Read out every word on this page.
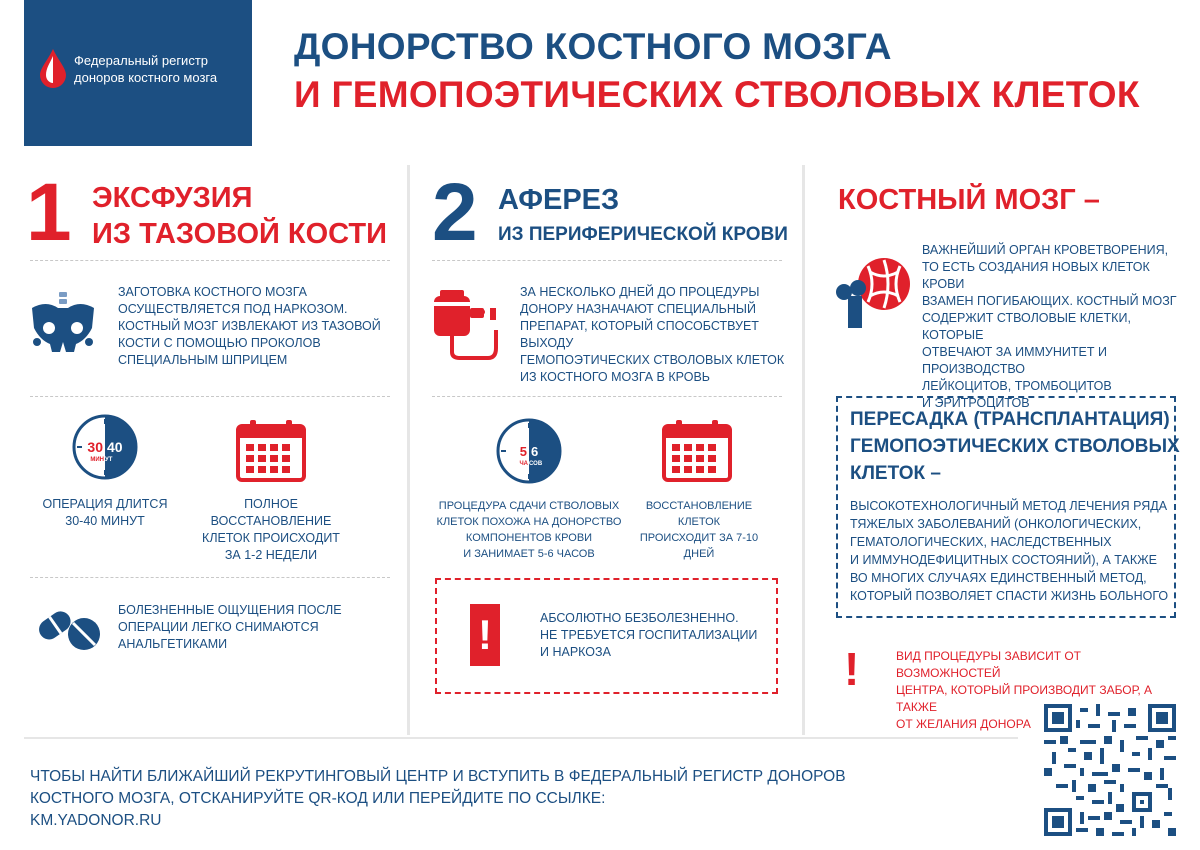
Федеральный регистр
доноров костного мозга
ДОНОРСТВО КОСТНОГО МОЗГА
И ГЕМОПОЭТИЧЕСКИХ СТВОЛОВЫХ КЛЕТОК
1 ЭКСФУЗИЯ
ИЗ ТАЗОВОЙ КОСТИ
ЗАГОТОВКА КОСТНОГО МОЗГА
ОСУЩЕСТВЛЯЕТСЯ ПОД НАРКОЗОМ.
КОСТНЫЙ МОЗГ ИЗВЛЕКАЮТ ИЗ ТАЗОВОЙ
КОСТИ С ПОМОЩЬЮ ПРОКОЛОВ
СПЕЦИАЛЬНЫМ ШПРИЦЕМ
30 40
МИН УТ
ОПЕРАЦИЯ ДЛИТСЯ
30-40 МИНУТ
ПОЛНОЕ ВОССТАНОВЛЕНИЕ
КЛЕТОК ПРОИСХОДИТ
ЗА 1-2 НЕДЕЛИ
БОЛЕЗНЕННЫЕ ОЩУЩЕНИЯ ПОСЛЕ
ОПЕРАЦИИ ЛЕГКО СНИМАЮТСЯ
АНАЛЬГЕТИКАМИ
2 АФЕРЕЗ
ИЗ ПЕРИФЕРИЧЕСКОЙ КРОВИ
ЗА НЕСКОЛЬКО ДНЕЙ ДО ПРОЦЕДУРЫ
ДОНОРУ НАЗНАЧАЮТ СПЕЦИАЛЬНЫЙ
ПРЕПАРАТ, КОТОРЫЙ СПОСОБСТВУЕТ ВЫХОДУ
ГЕМОПОЭТИЧЕСКИХ СТВОЛОВЫХ КЛЕТОК
ИЗ КОСТНОГО МОЗГА В КРОВЬ
5 6
ЧА СОВ
ПРОЦЕДУРА СДАЧИ СТВОЛОВЫХ
КЛЕТОК ПОХОЖА НА ДОНОРСТВО
КОМПОНЕНТОВ КРОВИ
И ЗАНИМАЕТ 5-6 ЧАСОВ
ВОССТАНОВЛЕНИЕ КЛЕТОК
ПРОИСХОДИТ ЗА 7-10 ДНЕЙ
!	АБСОЛЮТНО БЕЗБОЛЕЗНЕННО.
НЕ ТРЕБУЕТСЯ ГОСПИТАЛИЗАЦИИ
И НАРКОЗА
КОСТНЫЙ МОЗГ –
ВАЖНЕЙШИЙ ОРГАН КРОВЕТВОРЕНИЯ,
ТО ЕСТЬ СОЗДАНИЯ НОВЫХ КЛЕТОК КРОВИ
ВЗАМЕН ПОГИБАЮЩИХ. КОСТНЫЙ МОЗГ
СОДЕРЖИТ СТВОЛОВЫЕ КЛЕТКИ, КОТОРЫЕ
ОТВЕЧАЮТ ЗА ИММУНИТЕТ И ПРОИЗВОДСТВО
ЛЕЙКОЦИТОВ, ТРОМБОЦИТОВ
И ЭРИТРОЦИТОВ
ПЕРЕСАДКА (ТРАНСПЛАНТАЦИЯ)
ГЕМОПОЭТИЧЕСКИХ СТВОЛОВЫХ
КЛЕТОК –
ВЫСОКОТЕХНОЛОГИЧНЫЙ МЕТОД ЛЕЧЕНИЯ РЯДА
ТЯЖЕЛЫХ ЗАБОЛЕВАНИЙ (ОНКОЛОГИЧЕСКИХ,
ГЕМАТОЛОГИЧЕСКИХ, НАСЛЕДСТВЕННЫХ
И ИММУНОДЕФИЦИТНЫХ СОСТОЯНИЙ), А ТАКЖЕ
ВО МНОГИХ СЛУЧАЯХ ЕДИНСТВЕННЫЙ МЕТОД,
КОТОРЫЙ ПОЗВОЛЯЕТ СПАСТИ ЖИЗНЬ БОЛЬНОГО
!	ВИД ПРОЦЕДУРЫ ЗАВИСИТ ОТ ВОЗМОЖНОСТЕЙ
ЦЕНТРА, КОТОРЫЙ ПРОИЗВОДИТ ЗАБОР, А ТАКЖЕ
ОТ ЖЕЛАНИЯ ДОНОРА
ЧТОБЫ НАЙТИ БЛИЖАЙШИЙ РЕКРУТИНГОВЫЙ ЦЕНТР И ВСТУПИТЬ В ФЕДЕРАЛЬНЫЙ РЕГИСТР ДОНОРОВ
КОСТНОГО МОЗГА, ОТСКАНИРУЙТЕ QR-КОД ИЛИ ПЕРЕЙДИТЕ ПО ССЫЛКЕ:
KM.YADONOR.RU
